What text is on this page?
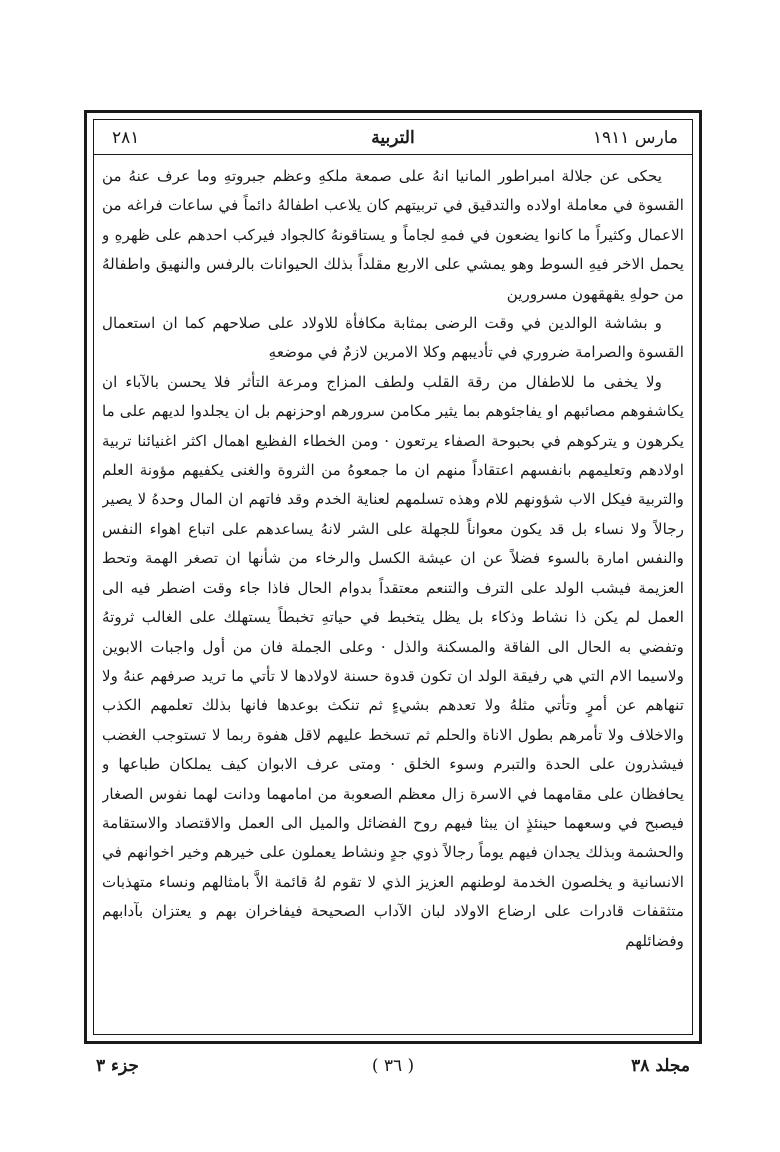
مارس ١٩١١
التربية
٢٨١

يحكى عن جلالة امبراطور المانيا انهُ على صمعة ملكهِ وعظم جبروتهِ وما عرف عنهُ من القسوة في معاملة اولاده والتدقيق في تربيتهم كان يلاعب اطفالهُ دائماً في ساعات فراغه من الاعمال وكثيراً ما كانوا يضعون في فمهِ لجاماً و يستاقونهُ كالجواد فيركب احدهم على ظهرهِ و يحمل الاخر فيهِ السوط وهو يمشي على الاربع مقلداً بذلك الحيوانات بالرفس والنهيق واطفالهُ من حولهِ يقهقهون مسرورين

و بشاشة الوالدين في وقت الرضى بمثابة مكافأة للاولاد على صلاحهم كما ان استعمال القسوة والصرامة ضروري في تأديبهم وكلا الامرين لازمٌ في موضعهِ

ولا يخفى ما للاطفال من رقة القلب ولطف المزاج ومرعة التأثر فلا يحسن بالآباء ان يكاشفوهم مصائبهم او يفاجئوهم بما يثير مكامن سرورهم اوحزنهم بل ان يجلدوا لديهم على ما يكرهون و يتركوهم في بحبوحة الصفاء يرتعون · ومن الخطاء الفظيع اهمال اكثر اغنيائنا تربية اولادهم وتعليمهم بانفسهم اعتقاداً منهم ان ما جمعوهُ من الثروة والغنى يكفيهم مؤونة العلم والتربية فيكل الاب شؤونهم للام وهذه تسلمهم لعناية الخدم وقد فاتهم ان المال وحدهُ لا يصير رجالاً ولا نساء بل قد يكون معواناً للجهلة على الشر لانهُ يساعدهم على اتباع اهواء النفس والنفس امارة بالسوء فضلاً عن ان عيشة الكسل والرخاء من شأنها ان تصغر الهمة وتحط العزيمة فيشب الولد على الترف والتنعم معتقداً بدوام الحال فاذا جاء وقت اضطر فيه الى العمل لم يكن ذا نشاط وذكاء بل يظل يتخبط في حياتهِ تخبطاً يستهلك على الغالب ثروتهُ وتفضي به الحال الى الفاقة والمسكنة والذل · وعلى الجملة فان من أول واجبات الابوين ولاسيما الام التي هي رفيقة الولد ان تكون قدوة حسنة لاولادها لا تأتي ما تريد صرفهم عنهُ ولا تنهاهم عن أمرٍ وتأتي مثلهُ ولا تعدهم بشيءٍ ثم تنكث بوعدها فانها بذلك تعلمهم الكذب والاخلاف ولا تأمرهم بطول الاناة والحلم ثم تسخط عليهم لاقل هفوة ربما لا تستوجب الغضب فيشذرون على الحدة والتبرم وسوء الخلق · ومتى عرف الابوان كيف يملكان طباعها و يحافظان على مقامهما في الاسرة زال معظم الصعوبة من امامهما ودانت لهما نفوس الصغار فيصبح في وسعهما حينئذٍ ان يبثا فيهم روح الفضائل والميل الى العمل والاقتصاد والاستقامة والحشمة وبذلك يجدان فيهم يوماً رجالاً ذوي جدٍ ونشاط يعملون على خيرهم وخير اخوانهم في الانسانية و يخلصون الخدمة لوطنهم العزيز الذي لا تقوم لهُ قائمة الاَّ بامثالهم ونساء متهذبات متثقفات قادرات على ارضاع الاولاد لبان الآداب الصحيحة فيفاخران بهم و يعتزان بآدابهم وفضائلهم

مجلد ٣٨
( ٣٦ )
جزء ٣
